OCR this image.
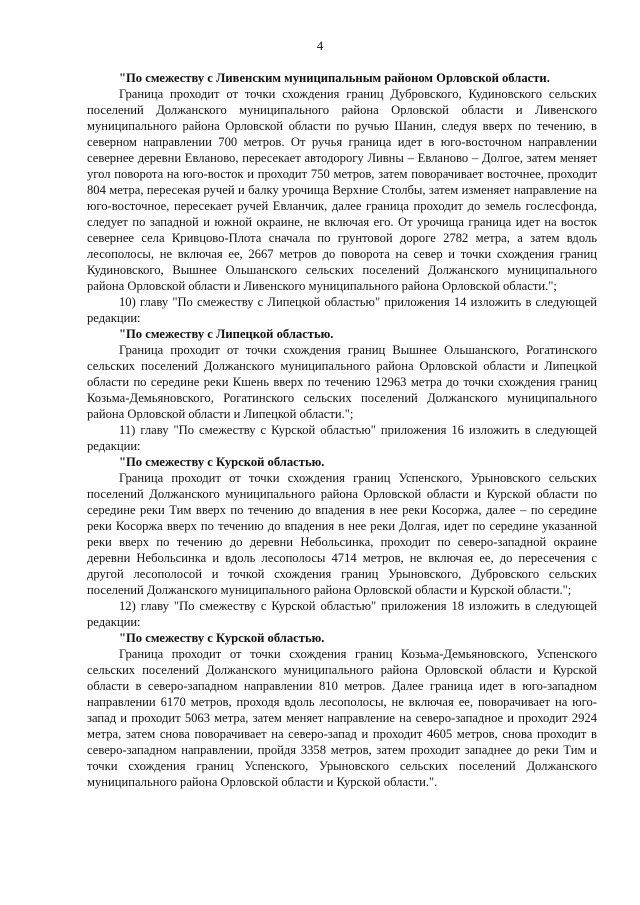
4
"По смежеству с Ливенским муниципальным районом Орловской области.

Граница проходит от точки схождения границ Дубровского, Кудиновского сельских поселений Должанского муниципального района Орловской области и Ливенского муниципального района Орловской области по ручью Шанин, следуя вверх по течению, в северном направлении 700 метров. От ручья граница идет в юго-восточном направлении севернее деревни Евланово, пересекает автодорогу Ливны – Евланово – Долгое, затем меняет угол поворота на юго-восток и проходит 750 метров, затем поворачивает восточнее, проходит 804 метра, пересекая ручей и балку урочища Верхние Столбы, затем изменяет направление на юго-восточное, пересекает ручей Евланчик, далее граница проходит до земель гослесфонда, следует по западной и южной окраине, не включая его. От урочища граница идет на восток севернее села Кривцово-Плота сначала по грунтовой дороге 2782 метра, а затем вдоль лесополосы, не включая ее, 2667 метров до поворота на север и точки схождения границ Кудиновского, Вышнее Ольшанского сельских поселений Должанского муниципального района Орловской области и Ливенского муниципального района Орловской области.";

10) главу "По смежеству с Липецкой областью" приложения 14 изложить в следующей редакции:

"По смежеству с Липецкой областью.

Граница проходит от точки схождения границ Вышнее Ольшанского, Рогатинского сельских поселений Должанского муниципального района Орловской области и Липецкой области по середине реки Кшень вверх по течению 12963 метра до точки схождения границ Козьма-Демьяновского, Рогатинского сельских поселений Должанского муниципального района Орловской области и Липецкой области.";

11) главу "По смежеству с Курской областью" приложения 16 изложить в следующей редакции:

"По смежеству с Курской областью.

Граница проходит от точки схождения границ Успенского, Урыновского сельских поселений Должанского муниципального района Орловской области и Курской области по середине реки Тим вверх по течению до впадения в нее реки Косоржа, далее – по середине реки Косоржа вверх по течению до впадения в нее реки Долгая, идет по середине указанной реки вверх по течению до деревни Небольсинка, проходит по северо-западной окраине деревни Небольсинка и вдоль лесополосы 4714 метров, не включая ее, до пересечения с другой лесополосой и точкой схождения границ Урыновского, Дубровского сельских поселений Должанского муниципального района Орловской области и Курской области.";

12) главу "По смежеству с Курской областью" приложения 18 изложить в следующей редакции:

"По смежеству с Курской областью.

Граница проходит от точки схождения границ Козьма-Демьяновского, Успенского сельских поселений Должанского муниципального района Орловской области и Курской области в северо-западном направлении 810 метров. Далее граница идет в юго-западном направлении 6170 метров, проходя вдоль лесополосы, не включая ее, поворачивает на юго-запад и проходит 5063 метра, затем меняет направление на северо-западное и проходит 2924 метра, затем снова поворачивает на северо-запад и проходит 4605 метров, снова проходит в северо-западном направлении, пройдя 3358 метров, затем проходит западнее до реки Тим и точки схождения границ Успенского, Урыновского сельских поселений Должанского муниципального района Орловской области и Курской области.".
